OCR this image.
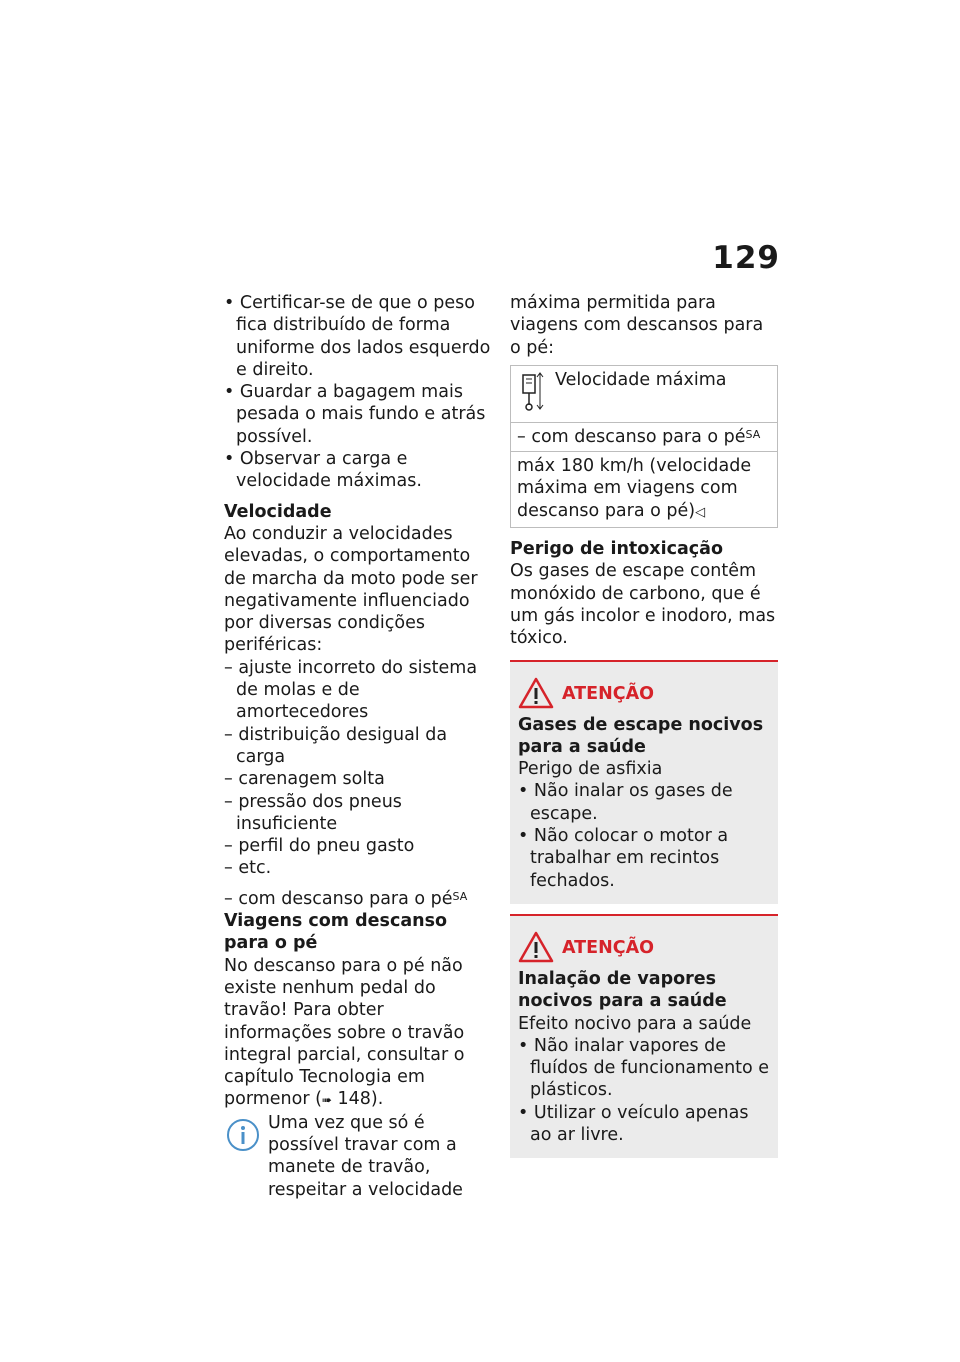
129

• Certificar-se de que o peso fica distribuído de forma uniforme dos lados esquerdo e direito.

• Guardar a bagagem mais pesada o mais fundo e atrás possível.

• Observar a carga e velocidade máximas.

Velocidade

Ao conduzir a velocidades elevadas, o comportamento de marcha da moto pode ser negativamente influenciado por diversas condições periféricas:

– ajuste incorreto do sistema de molas e de amortecedores

– distribuição desigual da carga

– carenagem solta

– pressão dos pneus insuficiente

– perfil do pneu gasto

– etc.

– com descanso para o $pé^{SA}$

Viagens com descanso para o pé

No descanso para o pé não existe nenhum pedal do travão! Para obter informações sobre o travão integral parcial, consultar o capítulo Tecnologia em pormenor (➠ 148).

Uma vez que só é possível travar com a manete de travão, respeitar a velocidade

máxima permitida para viagens com descansos para o pé:

Velocidade máxima
– com descanso para o $pé^{SA}$
máx 180 km/h (velocidade máxima em viagens com descanso para o pé)◁

Perigo de intoxicação

Os gases de escape contêm monóxido de carbono, que é um gás incolor e inodoro, mas tóxico.

ATENÇÃO

Gases de escape nocivos para a saúde

Perigo de asfixia

• Não inalar os gases de escape.

• Não colocar o motor a trabalhar em recintos fechados.

ATENÇÃO

Inalação de vapores nocivos para a saúde

Efeito nocivo para a saúde

• Não inalar vapores de fluídos de funcionamento e plásticos.

• Utilizar o veículo apenas ao ar livre.
